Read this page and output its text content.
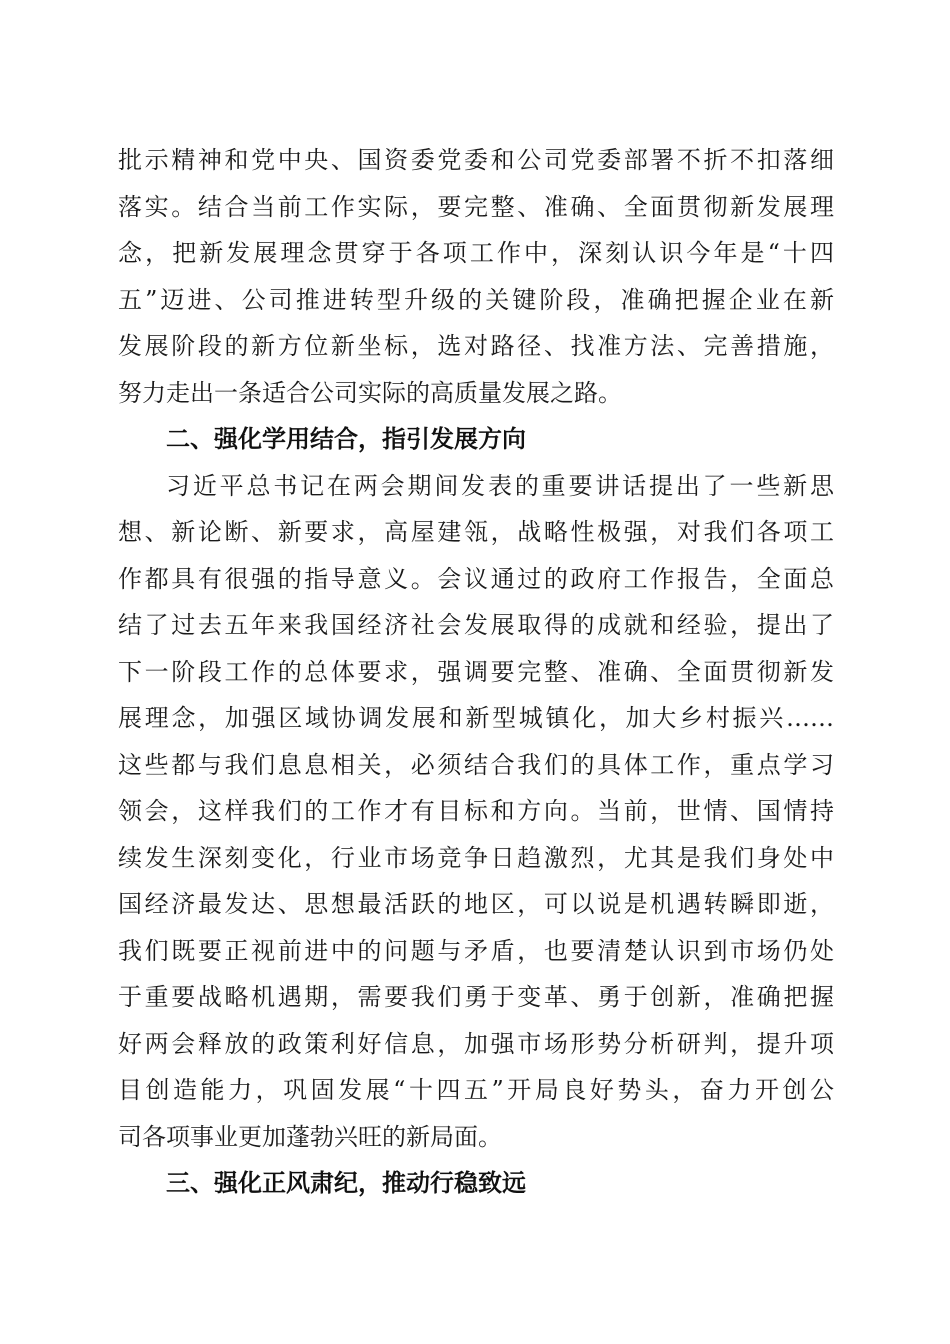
批示精神和党中央、国资委党委和公司党委部署不折不扣落细
落实。结合当前工作实际，要完整、准确、全面贯彻新发展理
念，把新发展理念贯穿于各项工作中，深刻认识今年是“十四
五”迈进、公司推进转型升级的关键阶段，准确把握企业在新
发展阶段的新方位新坐标，选对路径、找准方法、完善措施，
努力走出一条适合公司实际的高质量发展之路。
二、强化学用结合，指引发展方向
习近平总书记在两会期间发表的重要讲话提出了一些新思
想、新论断、新要求，高屋建瓴，战略性极强，对我们各项工
作都具有很强的指导意义。会议通过的政府工作报告，全面总
结了过去五年来我国经济社会发展取得的成就和经验，提出了
下一阶段工作的总体要求，强调要完整、准确、全面贯彻新发
展理念，加强区域协调发展和新型城镇化，加大乡村振兴……
这些都与我们息息相关，必须结合我们的具体工作，重点学习
领会，这样我们的工作才有目标和方向。当前，世情、国情持
续发生深刻变化，行业市场竞争日趋激烈，尤其是我们身处中
国经济最发达、思想最活跃的地区，可以说是机遇转瞬即逝，
我们既要正视前进中的问题与矛盾，也要清楚认识到市场仍处
于重要战略机遇期，需要我们勇于变革、勇于创新，准确把握
好两会释放的政策利好信息，加强市场形势分析研判，提升项
目创造能力，巩固发展“十四五”开局良好势头，奋力开创公
司各项事业更加蓬勃兴旺的新局面。
三、强化正风肃纪，推动行稳致远
